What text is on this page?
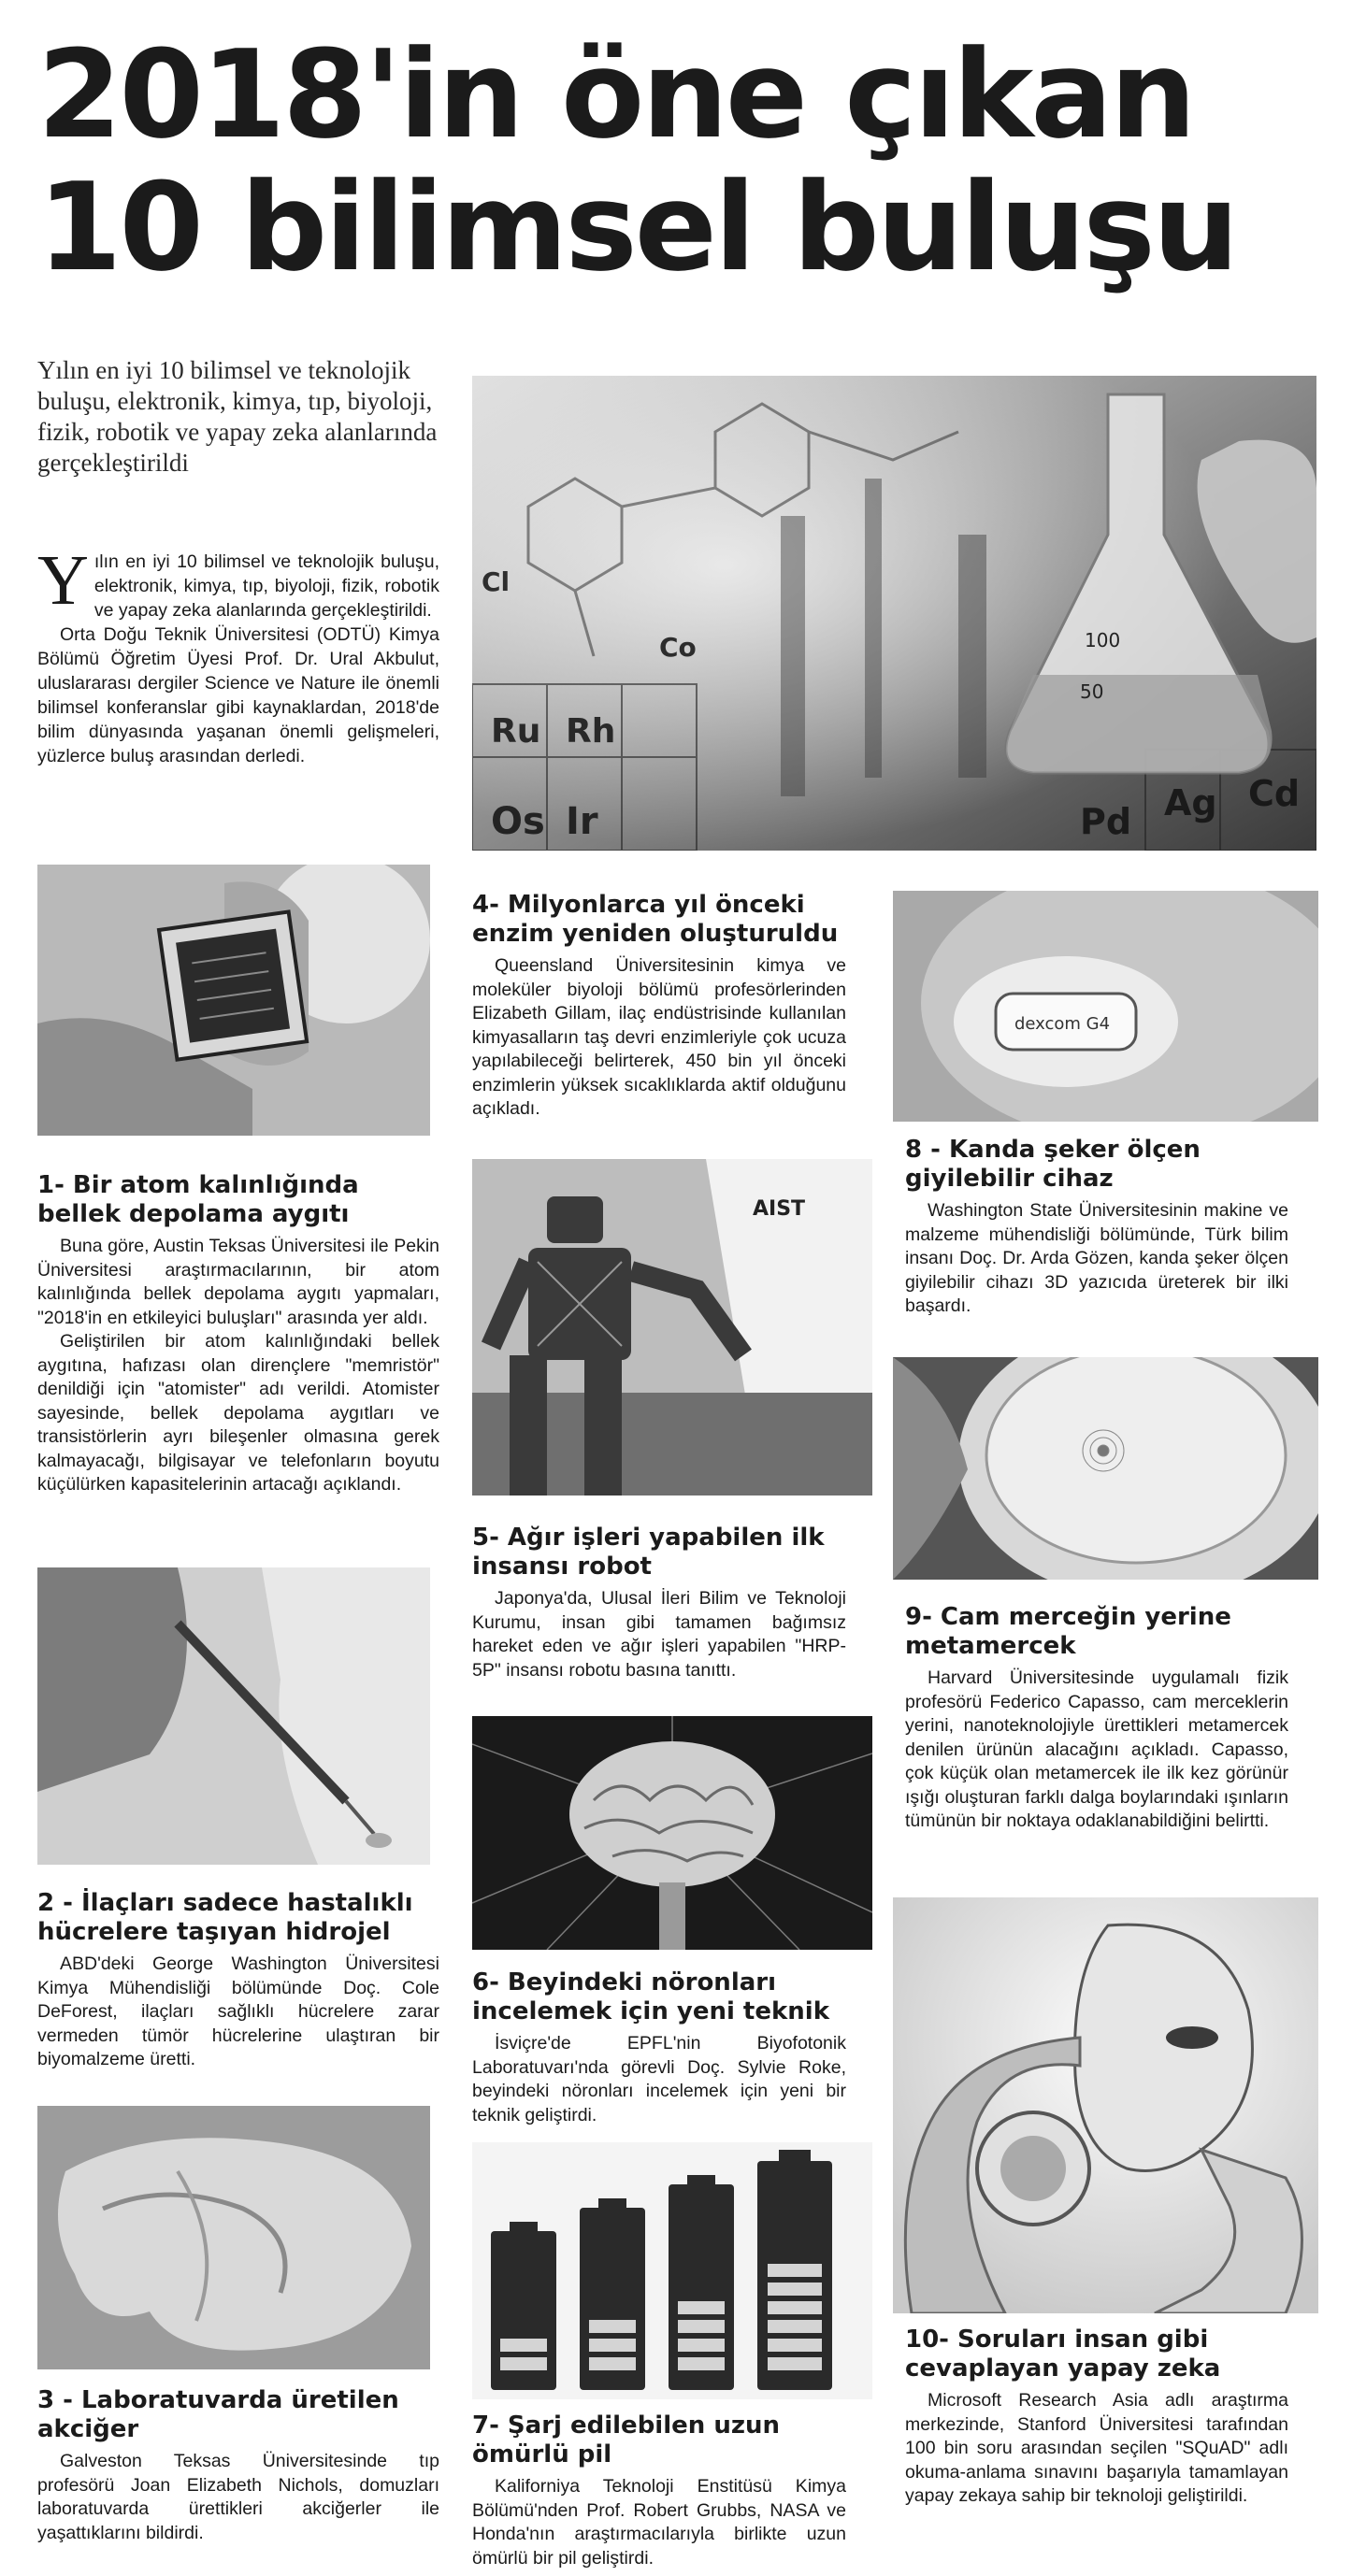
2018'in öne çıkan
10 bilimsel buluşu
Yılın en iyi 10 bilimsel ve teknolojik buluşu, elektronik, kimya, tıp, biyoloji, fizik, robotik ve yapay zeka alanlarında gerçekleştirildi
Yılın en iyi 10 bilimsel ve teknolojik buluşu, elektronik, kimya, tıp, biyoloji, fizik, robotik ve yapay zeka alanlarında gerçekleştirildi.

Orta Doğu Teknik Üniversitesi (ODTÜ) Kimya Bölümü Öğretim Üyesi Prof. Dr. Ural Akbulut, uluslararası dergiler Science ve Nature ile önemli bilimsel konferanslar gibi kaynaklardan, 2018'de bilim dünyasında yaşanan önemli gelişmeleri, yüzlerce buluş arasından derledi.

Ru Rh
Os Ir
Cl
Co
Pd Ag Cd
100
50
1- Bir atom kalınlığında bellek depolama aygıtı

Buna göre, Austin Teksas Üniversitesi ile Pekin Üniversitesi araştırmacılarının, bir atom kalınlığında bellek depolama aygıtı yapmaları, "2018'in en etkileyici buluşları" arasında yer aldı.

Geliştirilen bir atom kalınlığındaki bellek aygıtına, hafızası olan dirençlere "memristör" denildiği için "atomister" adı verildi. Atomister sayesinde, bellek depolama aygıtları ve transistörlerin ayrı bileşenler olmasına gerek kalmayacağı, bilgisayar ve telefonların boyutu küçülürken kapasitelerinin artacağı açıklandı.

2 - İlaçları sadece hastalıklı hücrelere taşıyan hidrojel

ABD'deki George Washington Üniversitesi Kimya Mühendisliği bölümünde Doç. Cole DeForest, ilaçları sağlıklı hücrelere zarar vermeden tümör hücrelerine ulaştıran bir biyomalzeme üretti.

3 - Laboratuvarda üretilen akciğer

Galveston Teksas Üniversitesinde tıp profesörü Joan Elizabeth Nichols, domuzları laboratuvarda ürettikleri akciğerler ile yaşattıklarını bildirdi.

4- Milyonlarca yıl önceki enzim yeniden oluşturuldu

Queensland Üniversitesinin kimya ve moleküler biyoloji bölümü profesörlerinden Elizabeth Gillam, ilaç endüstrisinde kullanılan kimyasalların taş devri enzimleriyle çok ucuza yapılabileceği belirterek, 450 bin yıl önceki enzimlerin yüksek sıcaklıklarda aktif olduğunu açıkladı.

AIST
5- Ağır işleri yapabilen ilk insansı robot

Japonya'da, Ulusal İleri Bilim ve Teknoloji Kurumu, insan gibi tamamen bağımsız hareket eden ve ağır işleri yapabilen "HRP-5P" insansı robotu basına tanıttı.

6- Beyindeki nöronları incelemek için yeni teknik

İsviçre'de EPFL'nin Biyofotonik Laboratuvarı'nda görevli Doç. Sylvie Roke, beyindeki nöronları incelemek için yeni bir teknik geliştirdi.

7- Şarj edilebilen uzun ömürlü pil

Kaliforniya Teknoloji Enstitüsü Kimya Bölümü'nden Prof. Robert Grubbs, NASA ve Honda'nın araştırmacılarıyla birlikte uzun ömürlü bir pil geliştirdi.

dexcom G4
8 - Kanda şeker ölçen giyilebilir cihaz

Washington State Üniversitesinin makine ve malzeme mühendisliği bölümünde, Türk bilim insanı Doç. Dr. Arda Gözen, kanda şeker ölçen giyilebilir cihazı 3D yazıcıda üreterek bir ilki başardı.

9- Cam merceğin yerine metamercek

Harvard Üniversitesinde uygulamalı fizik profesörü Federico Capasso, cam merceklerin yerini, nanoteknolojiyle ürettikleri metamercek denilen ürünün alacağını açıkladı. Capasso, çok küçük olan metamercek ile ilk kez görünür ışığı oluşturan farklı dalga boylarındaki ışınların tümünün bir noktaya odaklanabildiğini belirtti.

10- Soruları insan gibi cevaplayan yapay zeka

Microsoft Research Asia adlı araştırma merkezinde, Stanford Üniversitesi tarafından 100 bin soru arasından seçilen "SQuAD" adlı okuma-anlama sınavını başarıyla tamamlayan yapay zekaya sahip bir teknoloji geliştirildi.
